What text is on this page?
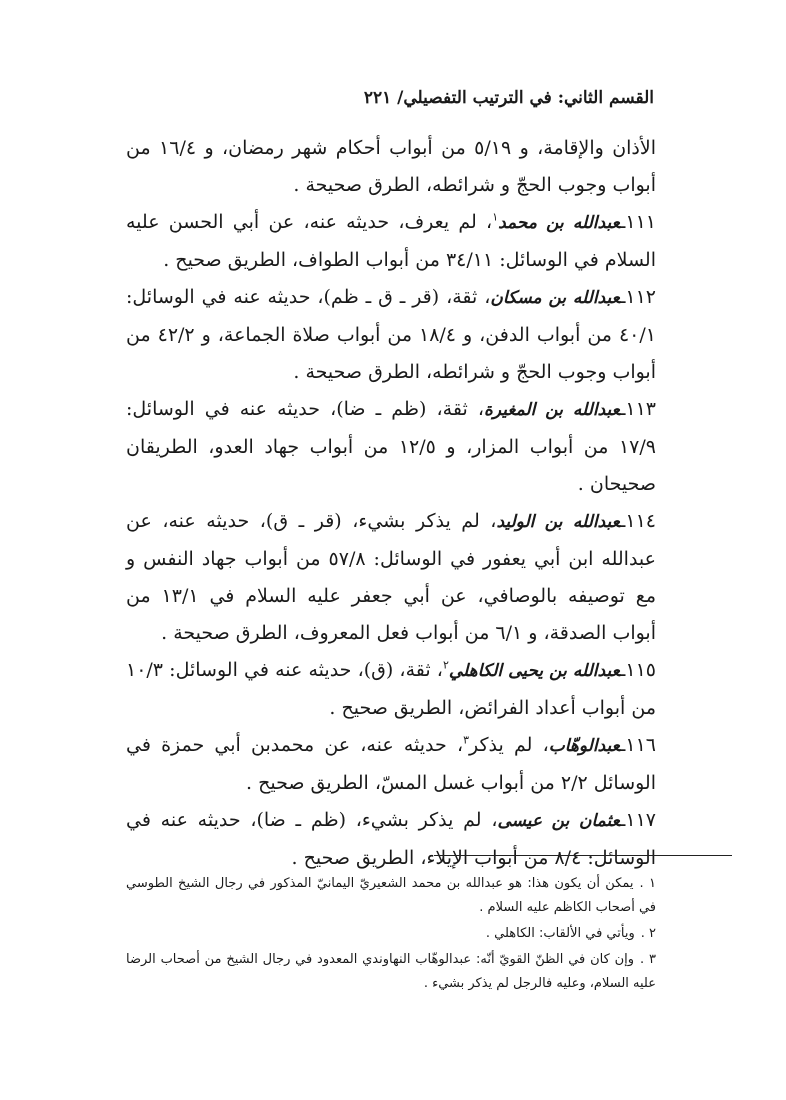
القسم الثاني: في الترتيب التفصيلي/ ٢٢١

الأذان والإقامة، و ٥/١٩ من أبواب أحكام شهر رمضان، و ١٦/٤ من أبواب وجوب الحجّ و شرائطه، الطرق صحيحة .

١١١ـعبدالله بن محمد$^١$، لم يعرف، حديثه عنه، عن أبي الحسن عليه السلام في الوسائل: ٣٤/١١ من أبواب الطواف، الطريق صحيح .

١١٢ـعبدالله بن مسكان، ثقة، (قر ـ ق ـ ظم)، حديثه عنه في الوسائل: ٤٠/١ من أبواب الدفن، و ١٨/٤ من أبواب صلاة الجماعة، و ٤٢/٢ من أبواب وجوب الحجّ و شرائطه، الطرق صحيحة .

١١٣ـعبدالله بن المغيرة، ثقة، (ظم ـ ضا)، حديثه عنه في الوسائل: ١٧/٩ من أبواب المزار، و ١٢/٥ من أبواب جهاد العدو، الطريقان صحيحان .

١١٤ـعبدالله بن الوليد، لم يذكر بشيء، (قر ـ ق)، حديثه عنه، عن عبدالله ابن أبي يعفور في الوسائل: ٥٧/٨ من أبواب جهاد النفس و مع توصيفه بالوصافي، عن أبي جعفر عليه السلام في ١٣/١ من أبواب الصدقة، و ٦/١ من أبواب فعل المعروف، الطرق صحيحة .

١١٥ـعبدالله بن يحيى الكاهلي$^٢$، ثقة، (ق)، حديثه عنه في الوسائل: ١٠/٣ من أبواب أعداد الفرائض، الطريق صحيح .

١١٦ـعبدالوهّاب، لم يذكر$^٣$، حديثه عنه، عن محمدبن أبي حمزة في الوسائل ٢/٢ من أبواب غسل المسّ، الطريق صحيح .

١١٧ـعثمان بن عيسى، لم يذكر بشيء، (ظم ـ ضا)، حديثه عنه في الوسائل: ٨/٤ من أبواب الإيلاء، الطريق صحيح .

١ .يمكن أن يكون هذا: هو عبدالله بن محمد الشعيريّ اليمانيّ المذكور في رجال الشيخ الطوسي في أصحاب الكاظم عليه السلام .

٢ .ويأتي في الألقاب: الكاهلي .

٣ .وإن كان في الظنّ القويّ أنّه: عبدالوهّاب النهاوندي المعدود في رجال الشيخ من أصحاب الرضا عليه السلام، وعليه فالرجل لم يذكر بشيء .
